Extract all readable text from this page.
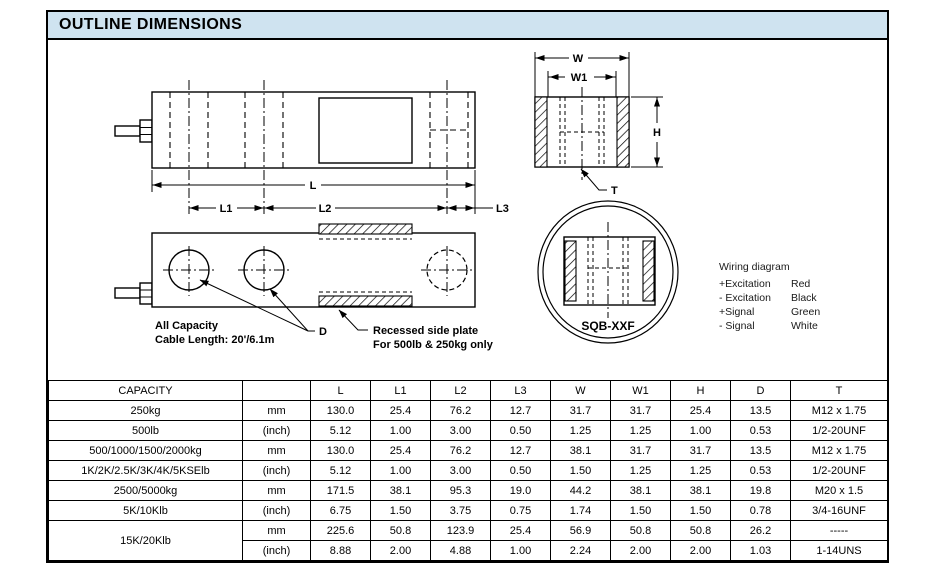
OUTLINE DIMENSIONS
L
L1	L2	L3
D	Recessed side plate
For 500lb & 250kg only
All Capacity
Cable Length: 20'/6.1m
W
W1
H
T
SQB-XXF
Wiring diagram
+Excitation Red
- Excitation Black
+Signal	Green
- Signal	White
CAPACITY		L	L1	L2	L3	W	W1	H	D	T
250kg	mm	130.0	25.4	76.2	12.7	31.7	31.7	25.4	13.5	M12 x 1.75
500lb	(inch)	5.12	1.00	3.00	0.50	1.25	1.25	1.00	0.53	1/2-20UNF
500/1000/1500/2000kg	mm	130.0	25.4	76.2	12.7	38.1	31.7	31.7	13.5	M12 x 1.75
1K/2K/2.5K/3K/4K/5KSElb	(inch)	5.12	1.00	3.00	0.50	1.50	1.25	1.25	0.53	1/2-20UNF
2500/5000kg	mm	171.5	38.1	95.3	19.0	44.2	38.1	38.1	19.8	M20 x 1.5
5K/10Klb	(inch)	6.75	1.50	3.75	0.75	1.74	1.50	1.50	0.78	3/4-16UNF
15K/20Klb	mm	225.6	50.8	123.9	25.4	56.9	50.8	50.8	26.2	-----
	(inch)	8.88	2.00	4.88	1.00	2.24	2.00	2.00	1.03	1-14UNS
